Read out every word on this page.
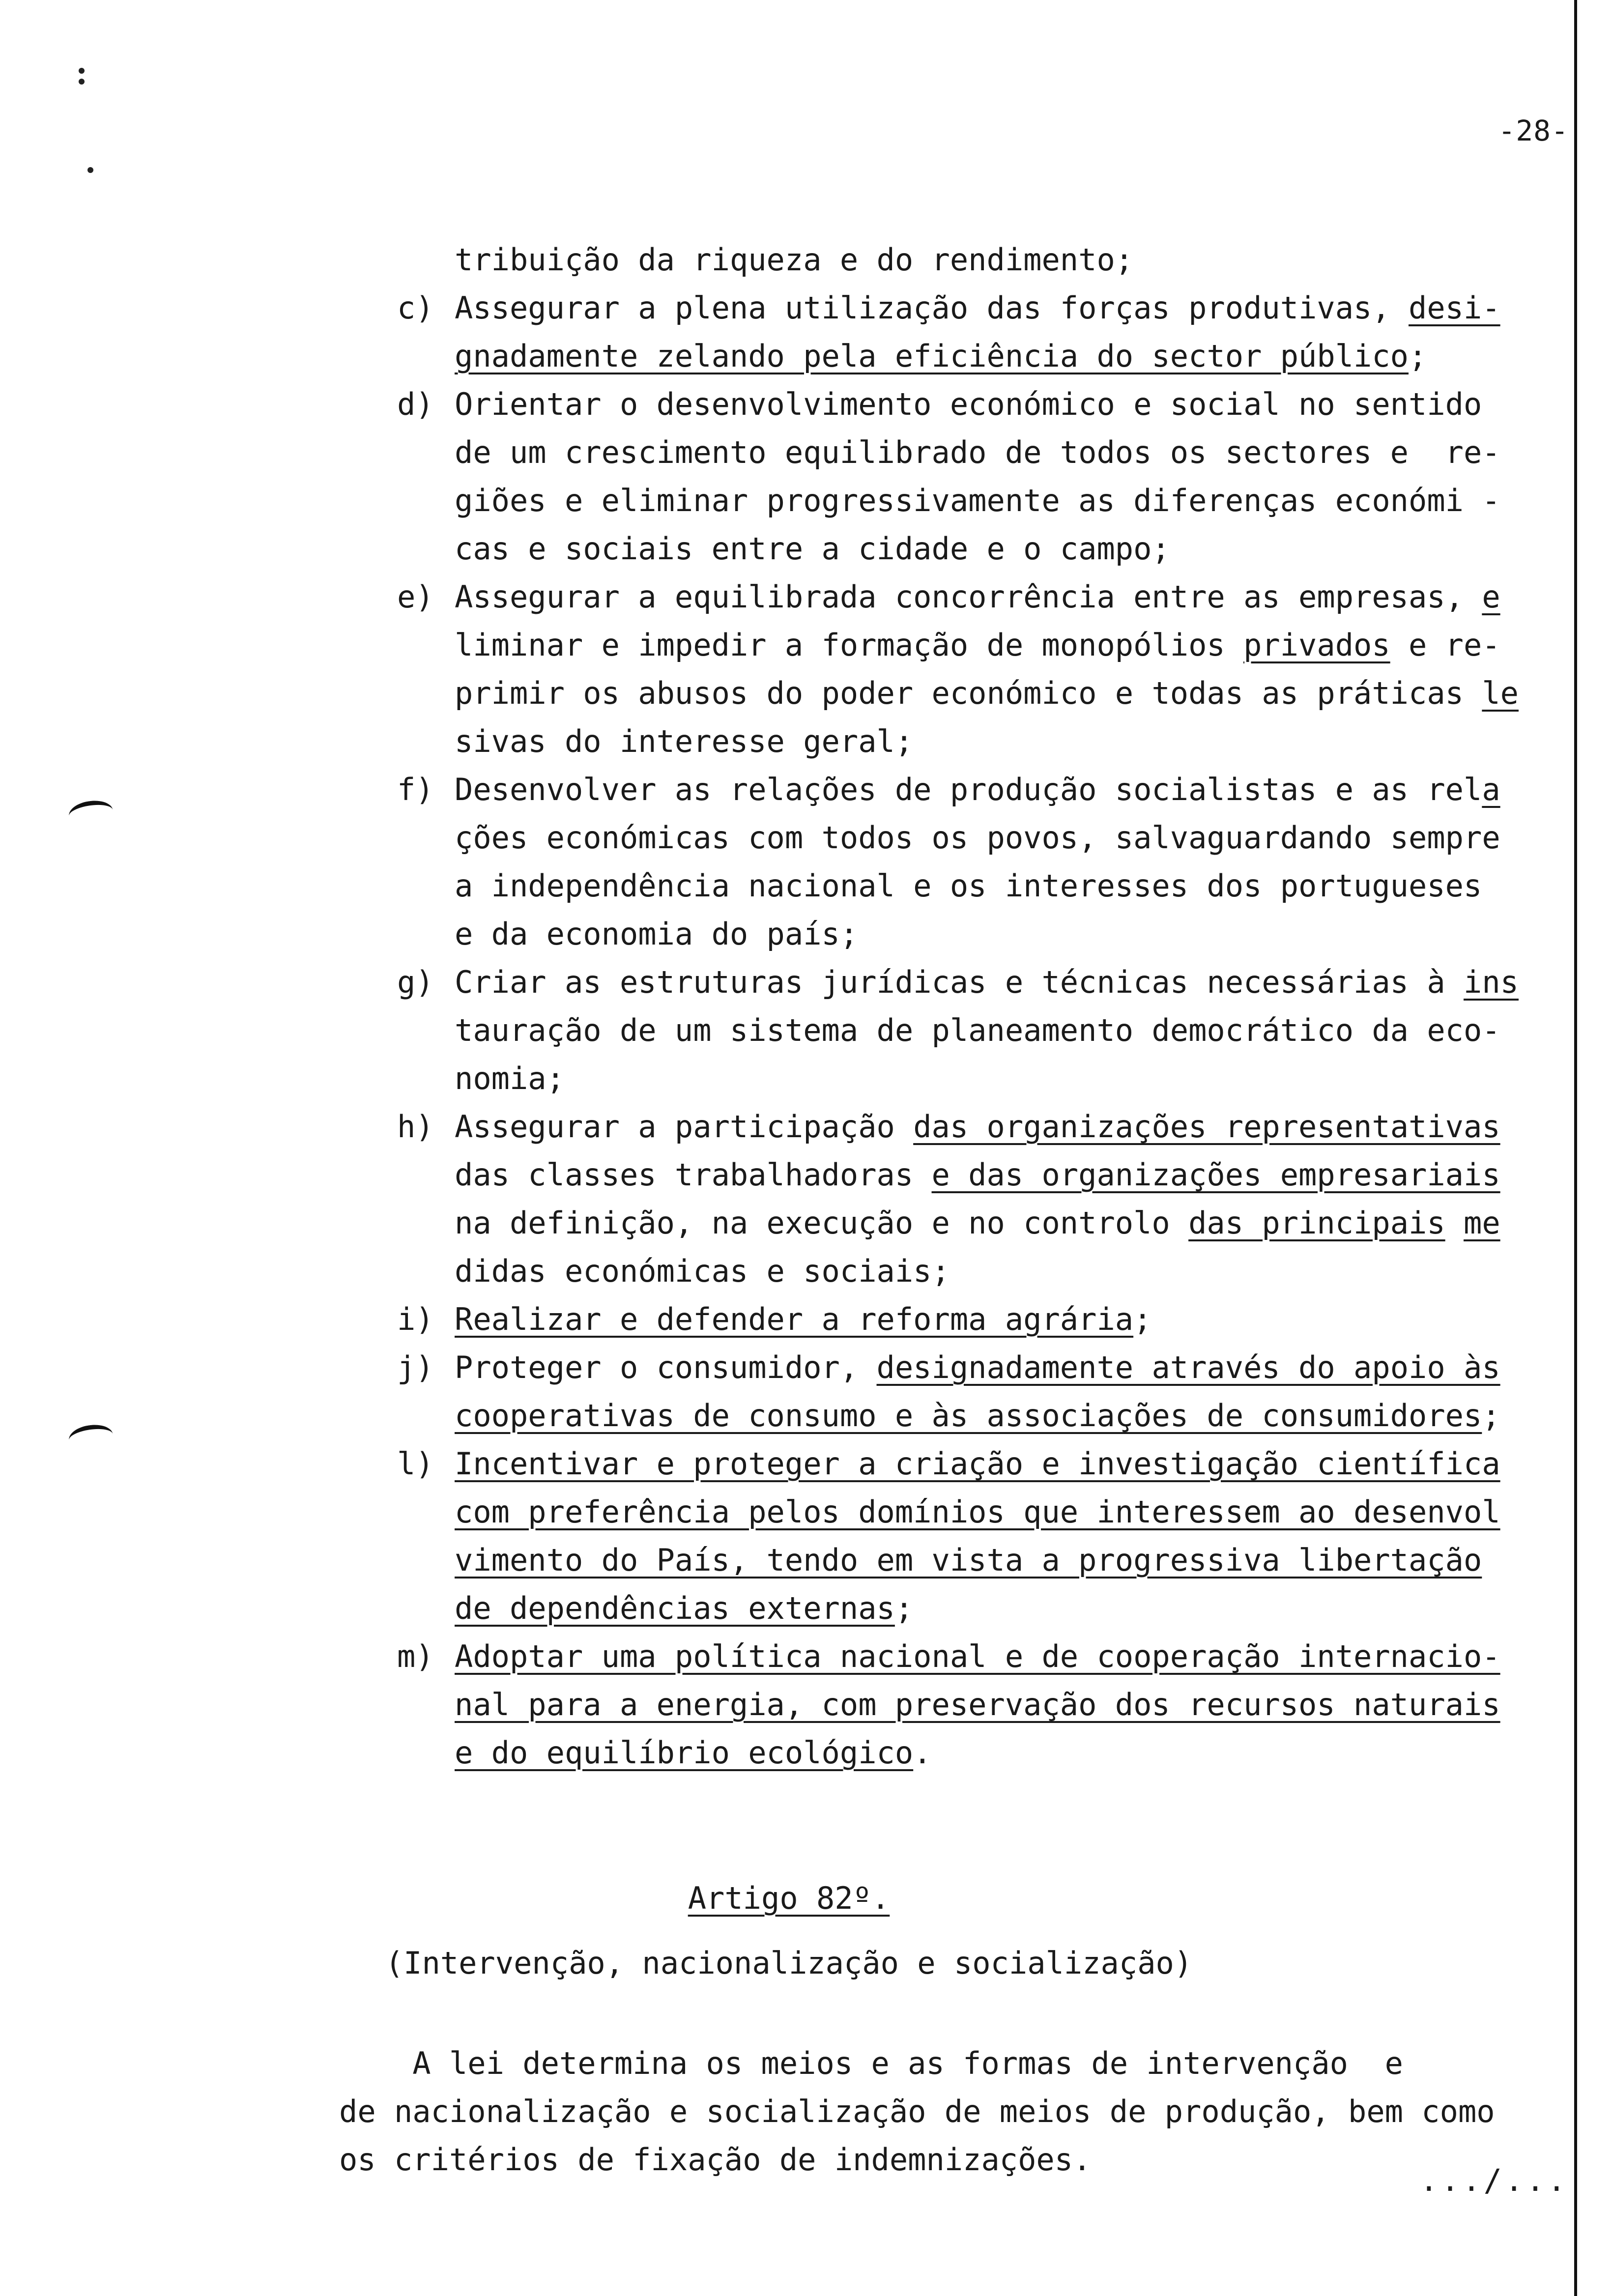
-28-
tribuição da riqueza e do rendimento;
c) Assegurar a plena utilização das forças produtivas, desi-
gnadamente zelando pela eficiência do sector público;
d) Orientar o desenvolvimento económico e social no sentido
de um crescimento equilibrado de todos os sectores e  re-
giões e eliminar progressivamente as diferenças económi -
cas e sociais entre a cidade e o campo;
e) Assegurar a equilibrada concorrência entre as empresas, e
liminar e impedir a formação de monopólios privados e re-
primir os abusos do poder económico e todas as práticas le
sivas do interesse geral;
f) Desenvolver as relações de produção socialistas e as rela
ções económicas com todos os povos, salvaguardando sempre
a independência nacional e os interesses dos portugueses
e da economia do país;
g) Criar as estruturas jurídicas e técnicas necessárias à ins
tauração de um sistema de planeamento democrático da eco-
nomia;
h) Assegurar a participação das organizações representativas
das classes trabalhadoras e das organizações empresariais
na definição, na execução e no controlo das principais me
didas económicas e sociais;
i) Realizar e defender a reforma agrária;
j) Proteger o consumidor, designadamente através do apoio às
cooperativas de consumo e às associações de consumidores;
l) Incentivar e proteger a criação e investigação científica
com preferência pelos domínios que interessem ao desenvol
vimento do País, tendo em vista a progressiva libertação
de dependências externas;
m) Adoptar uma política nacional e de cooperação internacio-
nal para a energia, com preservação dos recursos naturais
e do equilíbrio ecológico.
Artigo 82º.
(Intervenção, nacionalização e socialização)
A lei determina os meios e as formas de intervenção  e
de nacionalização e socialização de meios de produção, bem como
os critérios de fixação de indemnizações.
.../...
